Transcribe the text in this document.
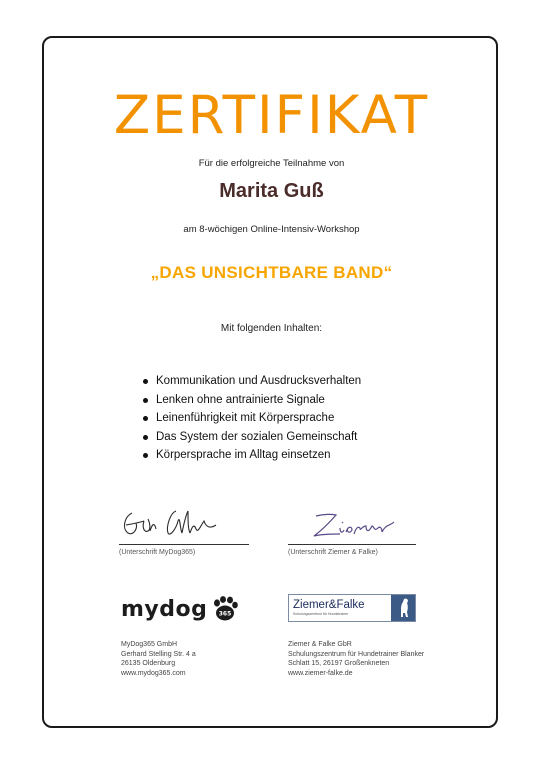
ZERTIFIKAT
Für die erfolgreiche Teilnahme von
Marita Guß
am 8-wöchigen Online-Intensiv-Workshop
„DAS UNSICHTBARE BAND“
Mit folgenden Inhalten:
Kommunikation und Ausdrucksverhalten
Lenken ohne antrainierte Signale
Leinenführigkeit mit Körpersprache
Das System der sozialen Gemeinschaft
Körpersprache im Alltag einsetzen
(Unterschrift MyDog365)	(Unterschrift Ziemer & Falke)
mydog 365
Ziemer&Falke
Schulungszentrum für Hundetrainer
MyDog365 GmbH
Gerhard Stelling Str. 4 a
26135 Oldenburg
www.mydog365.com
Ziemer & Falke GbR
Schulungszentrum für Hundetrainer Blanker
Schlatt 15, 26197 Großenkneten
www.ziemer-falke.de
